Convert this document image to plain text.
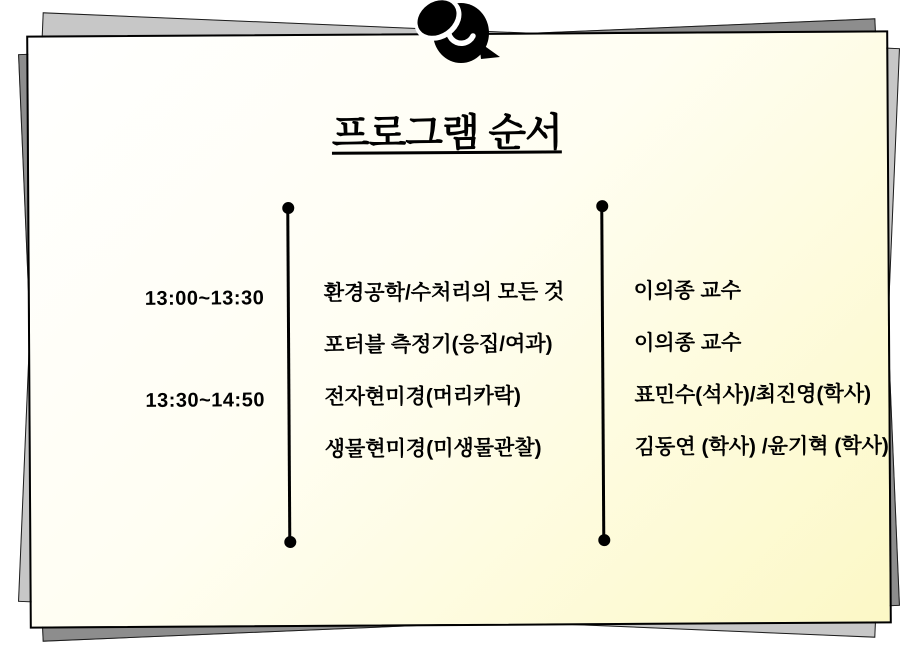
프로그램 순서
13:00~13:30
13:30~14:50
환경공학/수처리의 모든 것
포터블 측정기(응집/여과)
전자현미경(머리카락)
생물현미경(미생물관찰)
이의종 교수
이의종 교수
표민수(석사)/최진영(학사)
김동연 (학사) /윤기혁 (학사)
